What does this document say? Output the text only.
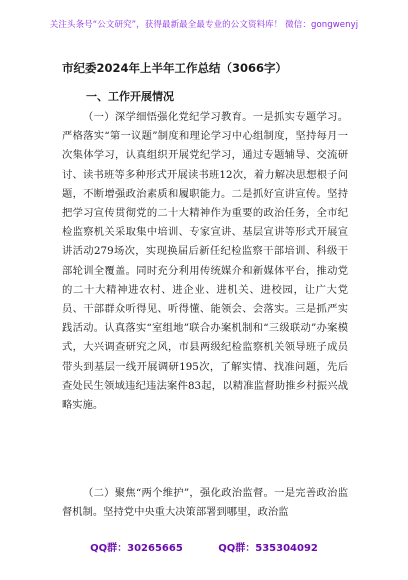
关注头条号“公文研究”，获得最新最全最专业的公文资料库！ 微信：gongwenyj
市纪委2024年上半年工作总结（3066字）
一、工作开展情况
（一）深学细悟强化党纪学习教育。一是抓实专题学习。严格落实“第一议题”制度和理论学习中心组制度，坚持每月一次集体学习，认真组织开展党纪学习，通过专题辅导、交流研讨、读书班等多种形式开展读书班12次，着力解决思想根子问题，不断增强政治素质和履职能力。二是抓好宣讲宣传。坚持把学习宣传贯彻党的二十大精神作为重要的政治任务，全市纪检监察机关采取集中培训、专家宣讲、基层宣讲等形式开展宣讲活动279场次，实现换届后新任纪检监察干部培训、科级干部轮训全覆盖。同时充分利用传统媒介和新媒体平台，推动党的二十大精神进农村、进企业、进机关、进校园，让广大党员、干部群众听得见、听得懂、能领会、会落实。三是抓严实践活动。认真落实“室组地”联合办案机制和“三级联动”办案模式，大兴调查研究之风，市县两级纪检监察机关领导班子成员带头到基层一线开展调研195次，了解实情、找准问题，先后查处民生领域违纪违法案件83起，以精准监督助推乡村振兴战略实施。
（二）聚焦“两个维护”，强化政治监督。一是完善政治监督机制。坚持党中央重大决策部署到哪里，政治监
QQ群：30265665	QQ群：535304092
